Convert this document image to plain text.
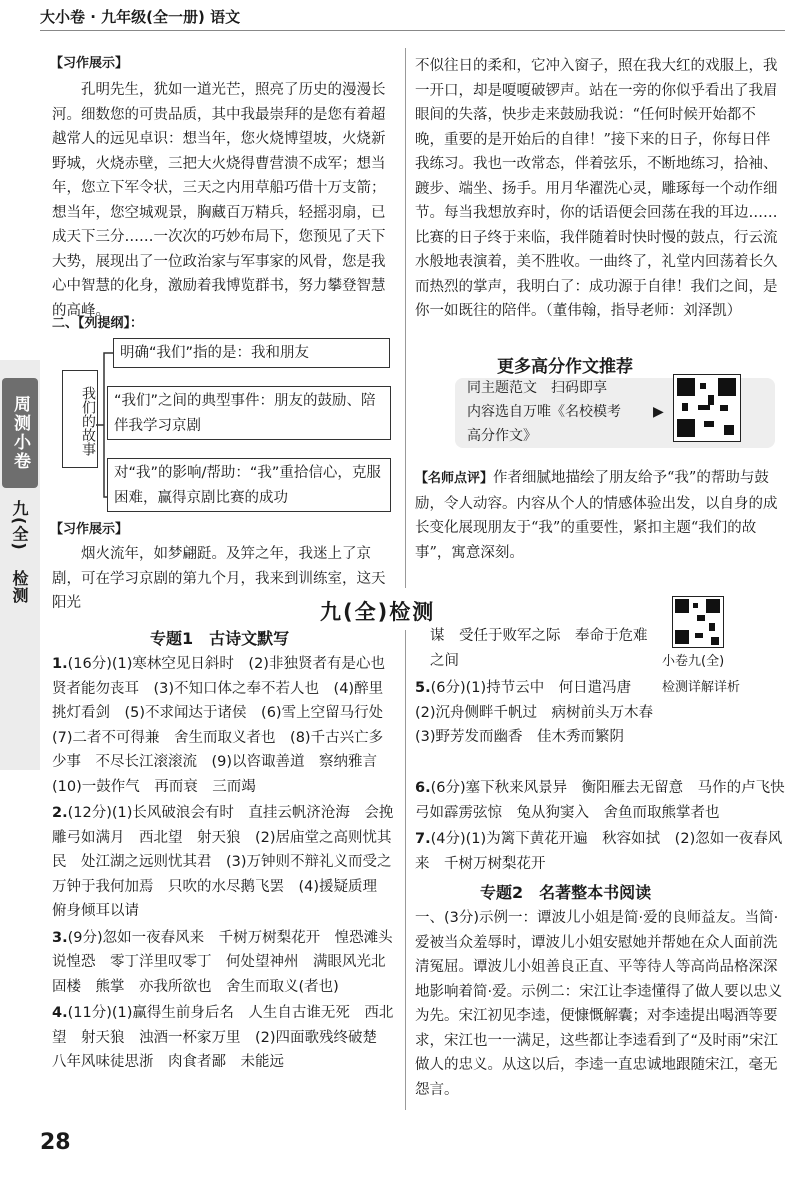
大小卷 · 九年级(全一册) 语文
周测小卷
九(全)
检测
【习作展示】
孔明先生，犹如一道光芒，照亮了历史的漫漫长河。细数您的可贵品质，其中我最崇拜的是您有着超越常人的远见卓识：想当年，您火烧博望坡，火烧新野城，火烧赤壁，三把大火烧得曹营溃不成军；想当年，您立下军令状，三天之内用草船巧借十万支箭；想当年，您空城观景，胸藏百万精兵，轻摇羽扇，已成天下三分……一次次的巧妙布局下，您预见了天下大势，展现出了一位政治家与军事家的风骨，您是我心中智慧的化身，激励着我博览群书，努力攀登智慧的高峰。
二、【列提纲】：
我们的故事
明确“我们”指的是：我和朋友
“我们”之间的典型事件：朋友的鼓励、陪伴我学习京剧
对“我”的影响/帮助：“我”重拾信心，克服困难，赢得京剧比赛的成功
【习作展示】
烟火流年，如梦翩跹。及笄之年，我迷上了京剧，可在学习京剧的第九个月，我来到训练室，这天阳光
不似往日的柔和，它冲入窗子，照在我大红的戏服上，我一开口，却是嗄嗄破锣声。站在一旁的你似乎看出了我眉眼间的失落，快步走来鼓励我说：“任何时候开始都不晚，重要的是开始后的自律！”接下来的日子，你每日伴我练习。我也一改常态，伴着弦乐，不断地练习，拾袖、踱步、端坐、扬手。用月华濯洗心灵，雕琢每一个动作细节。每当我想放弃时，你的话语便会回荡在我的耳边……比赛的日子终于来临，我伴随着时快时慢的鼓点，行云流水般地表演着，美不胜收。一曲终了，礼堂内回荡着长久而热烈的掌声，我明白了：成功源于自律！我们之间，是你一如既往的陪伴。（董伟翰，指导老师：刘泽凯）
更多高分作文推荐
同主题范文　扫码即享
内容选自万唯《名校模考 ▶
高分作文》
【名师点评】作者细腻地描绘了朋友给予“我”的帮助与鼓励，令人动容。内容从个人的情感体验出发，以自身的成长变化展现朋友于“我”的重要性，紧扣主题“我们的故事”，寓意深刻。
九(全)检测
小卷九(全)
专题1　古诗文默写
1.(16分)(1)寒林空见日斜时　(2)非独贤者有是心也　贤者能勿丧耳　(3)不知口体之奉不若人也　(4)醉里挑灯看剑　(5)不求闻达于诸侯　(6)雪上空留马行处　(7)二者不可得兼　舍生而取义者也　(8)千古兴亡多少事　不尽长江滚滚流　(9)以咨诹善道　察纳雅言　(10)一鼓作气　再而衰　三而竭
2.(12分)(1)长风破浪会有时　直挂云帆济沧海　会挽雕弓如满月　西北望　射天狼　(2)居庙堂之高则忧其民　处江湖之远则忧其君　(3)万钟则不辩礼义而受之　万钟于我何加焉　只吹的水尽鹅飞罢　(4)援疑质理　俯身倾耳以请
3.(9分)忽如一夜春风来　千树万树梨花开　惶恐滩头说惶恐　零丁洋里叹零丁　何处望神州　满眼风光北固楼　熊掌　亦我所欲也　舍生而取义(者也)
4.(11分)(1)赢得生前身后名　人生自古谁无死　西北望　射天狼　浊酒一杯家万里　(2)四面歌残终破楚　八年风味徒思浙　肉食者鄙　未能远
谋　受任于败军之际　奉命于危难之间
检测详解详析
5.(6分)(1)持节云中　何日遣冯唐　(2)沉舟侧畔千帆过　病树前头万木春　(3)野芳发而幽香　佳木秀而繁阴
6.(6分)塞下秋来风景异　衡阳雁去无留意　马作的卢飞快　弓如霹雳弦惊　兔从狗窦入　舍鱼而取熊掌者也
7.(4分)(1)为篱下黄花开遍　秋容如拭　(2)忽如一夜春风来　千树万树梨花开
专题2　名著整本书阅读
一、(3分)示例一：谭波儿小姐是简·爱的良师益友。当简·爱被当众羞辱时，谭波儿小姐安慰她并帮她在众人面前洗清冤屈。谭波儿小姐善良正直、平等待人等高尚品格深深地影响着简·爱。示例二：宋江让李逵懂得了做人要以忠义为先。宋江初见李逵，便慷慨解囊；对李逵提出喝酒等要求，宋江也一一满足，这些都让李逵看到了“及时雨”宋江做人的忠义。从这以后，李逵一直忠诚地跟随宋江，毫无怨言。
28
